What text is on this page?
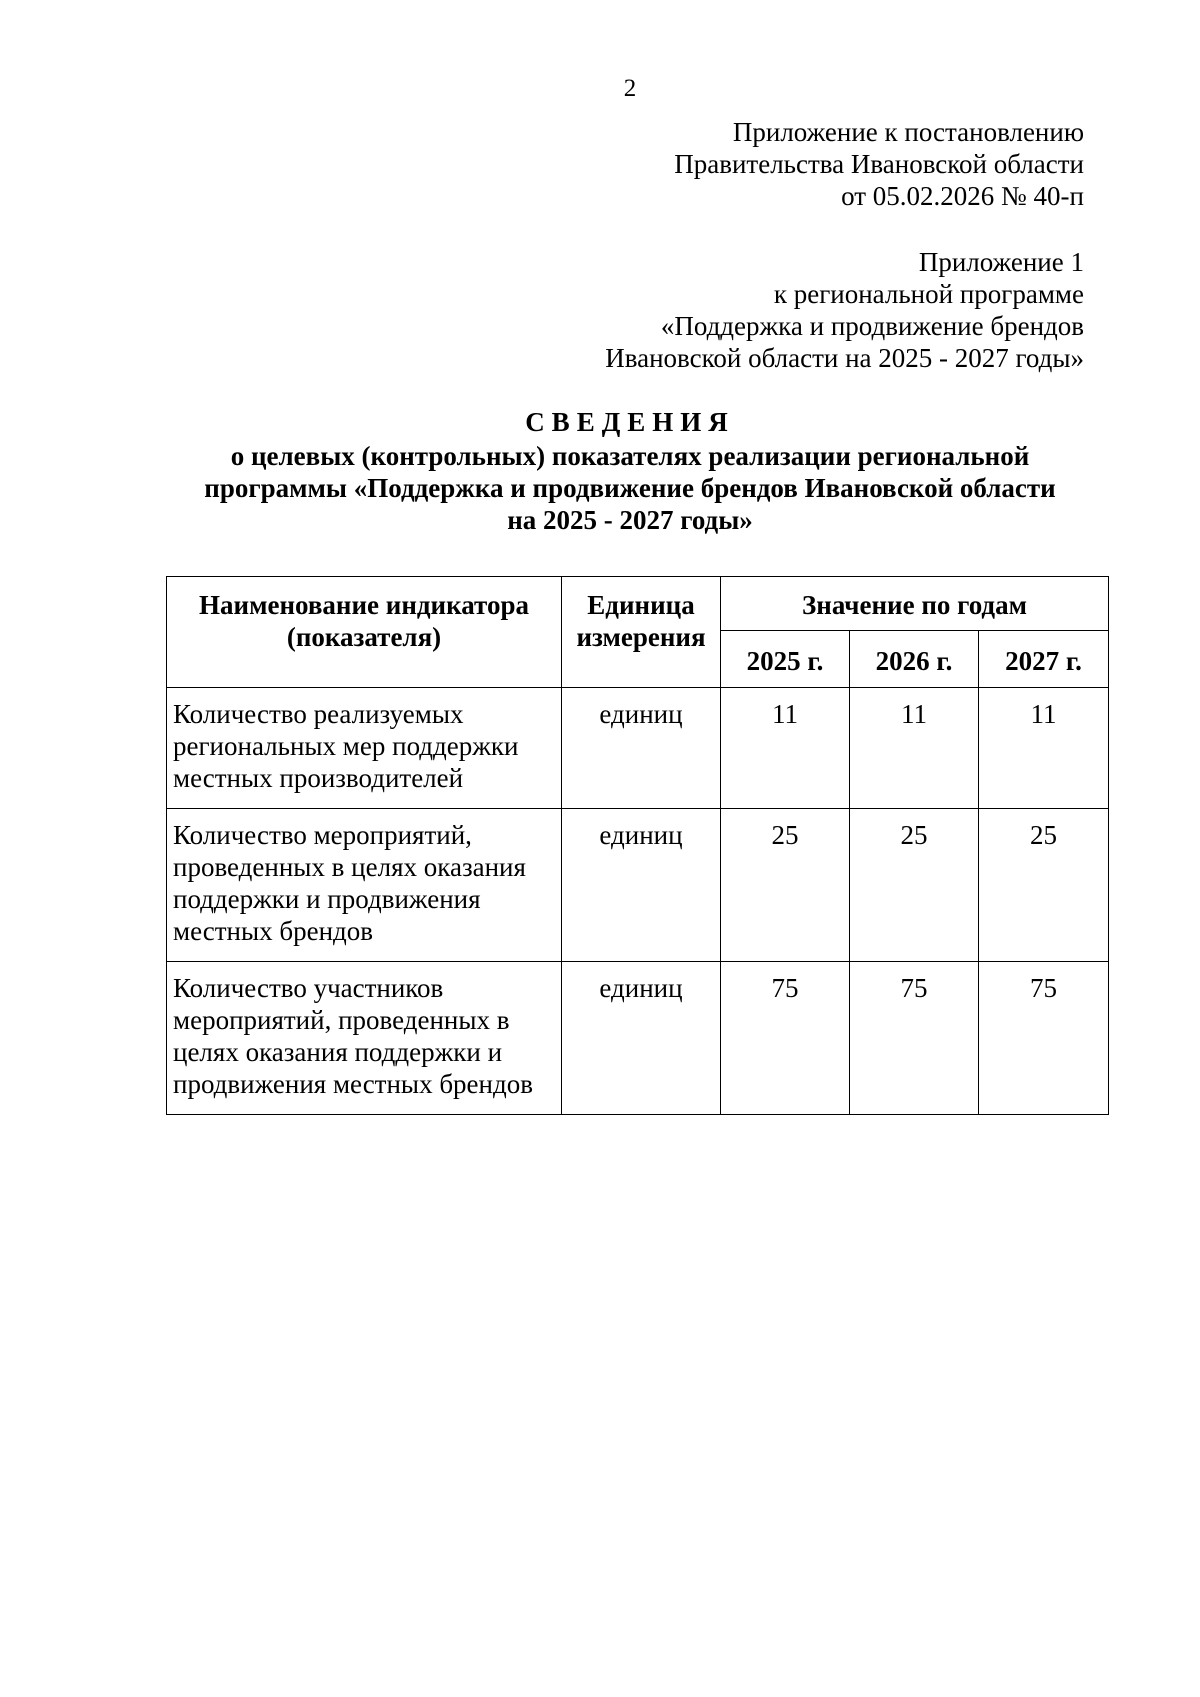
2
Приложение к постановлению
Правительства Ивановской области
от 05.02.2026 № 40-п
Приложение 1
к региональной программе
«Поддержка и продвижение брендов
Ивановской области на 2025 - 2027 годы»
СВЕДЕНИЯ
о целевых (контрольных) показателях реализации региональной
программы «Поддержка и продвижение брендов Ивановской области
на 2025 - 2027 годы»
Наименование индикатора (показателя)	Единица измерения	Значение по годам		
		2025 г.	2026 г.	2027 г.
Количество реализуемых региональных мер поддержки местных производителей	единиц	11	11	11
Количество мероприятий, проведенных в целях оказания поддержки и продвижения местных брендов	единиц	25	25	25
Количество участников мероприятий, проведенных в целях оказания поддержки и продвижения местных брендов	единиц	75	75	75
